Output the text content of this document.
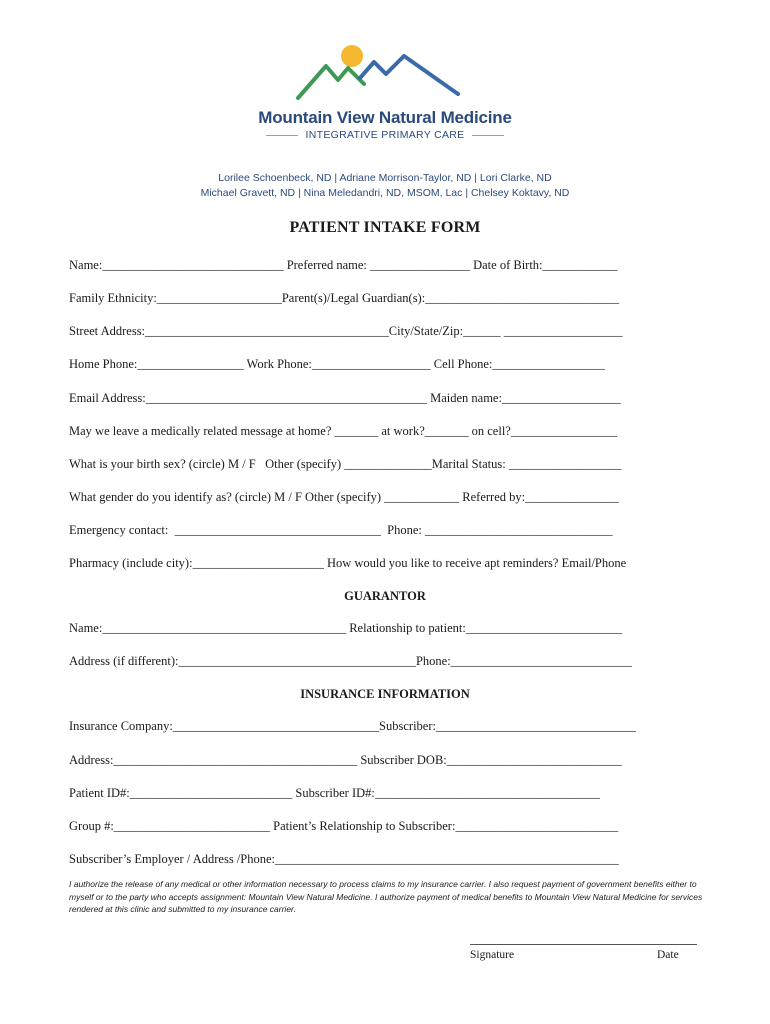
Mountain View Natural Medicine
INTEGRATIVE PRIMARY CARE
Lorilee Schoenbeck, ND | Adriane Morrison-Taylor, ND | Lori Clarke, ND
Michael Gravett, ND | Nina Meledandri, ND, MSOM, Lac | Chelsey Koktavy, ND
PATIENT INTAKE FORM
Name:_____________________________ Preferred name: ________________ Date of Birth:____________
Family Ethnicity:____________________Parent(s)/Legal Guardian(s):_______________________________
Street Address:_______________________________________City/State/Zip:______ ___________________
Home Phone:_________________ Work Phone:___________________ Cell Phone:__________________
Email Address:_____________________________________________ Maiden name:___________________
May we leave a medically related message at home? _______ at work?_______ on cell?_________________
What is your birth sex? (circle) M / F   Other (specify) ______________Marital Status: __________________
What gender do you identify as? (circle) M / F Other (specify) ____________ Referred by:_______________
Emergency contact:  _________________________________  Phone: ______________________________
Pharmacy (include city):_____________________ How would you like to receive apt reminders? Email/Phone
GUARANTOR
Name:_______________________________________ Relationship to patient:_________________________
Address (if different):______________________________________Phone:_____________________________
INSURANCE INFORMATION
Insurance Company:_________________________________Subscriber:________________________________
Address:_______________________________________ Subscriber DOB:____________________________
Patient ID#:__________________________ Subscriber ID#:____________________________________
Group #:_________________________ Patient’s Relationship to Subscriber:__________________________
Subscriber’s Employer / Address /Phone:_______________________________________________________
I authorize the release of any medical or other information necessary to process claims to my insurance carrier. I also request payment of government benefits either to myself or to the party who accepts assignment: Mountain View Natural Medicine. I authorize payment of medical benefits to Mountain View Natural Medicine for services rendered at this clinic and submitted to my insurance carrier.
Signature	Date
